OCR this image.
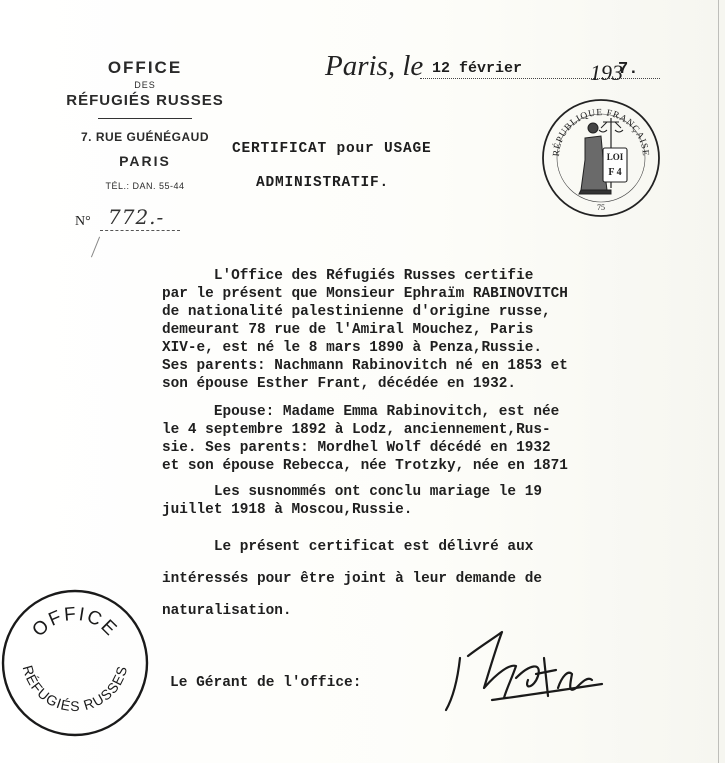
OFFICE
DES
RÉFUGIÉS RUSSES
7. RUE GUÉNÉGAUD
PARIS
TÉL.: DAN. 55-44
N° 772.-
Paris, le 12 février	193
7.
CERTIFICAT pour USAGE
ADMINISTRATIF.
L'Office des Réfugiés Russes certifie
par le présent que Monsieur Ephraïm RABINOVITCH
de nationalité palestinienne d'origine russe,
demeurant 78 rue de l'Amiral Mouchez, Paris
XIV-e, est né le 8 mars 1890 à Penza,Russie.
Ses parents: Nachmann Rabinovitch né en 1853 et
son épouse Esther Frant, décédée en 1932.
Epouse: Madame Emma Rabinovitch, est née
le 4 septembre 1892 à Lodz, anciennement,Rus-
sie. Ses parents: Mordhel Wolf décédé en 1932
et son épouse Rebecca, née Trotzky, née en 1871
Les susnommés ont conclu mariage le 19
juillet 1918 à Moscou,Russie.
Le présent certificat est délivré aux
intéressés pour être joint à leur demande de
naturalisation.
Le Gérant de l'office:
RÉPUBLIQUE FRANÇAISE
LOI
F 4
75
OFFICE
RÉFUGIÉS RUSSES
